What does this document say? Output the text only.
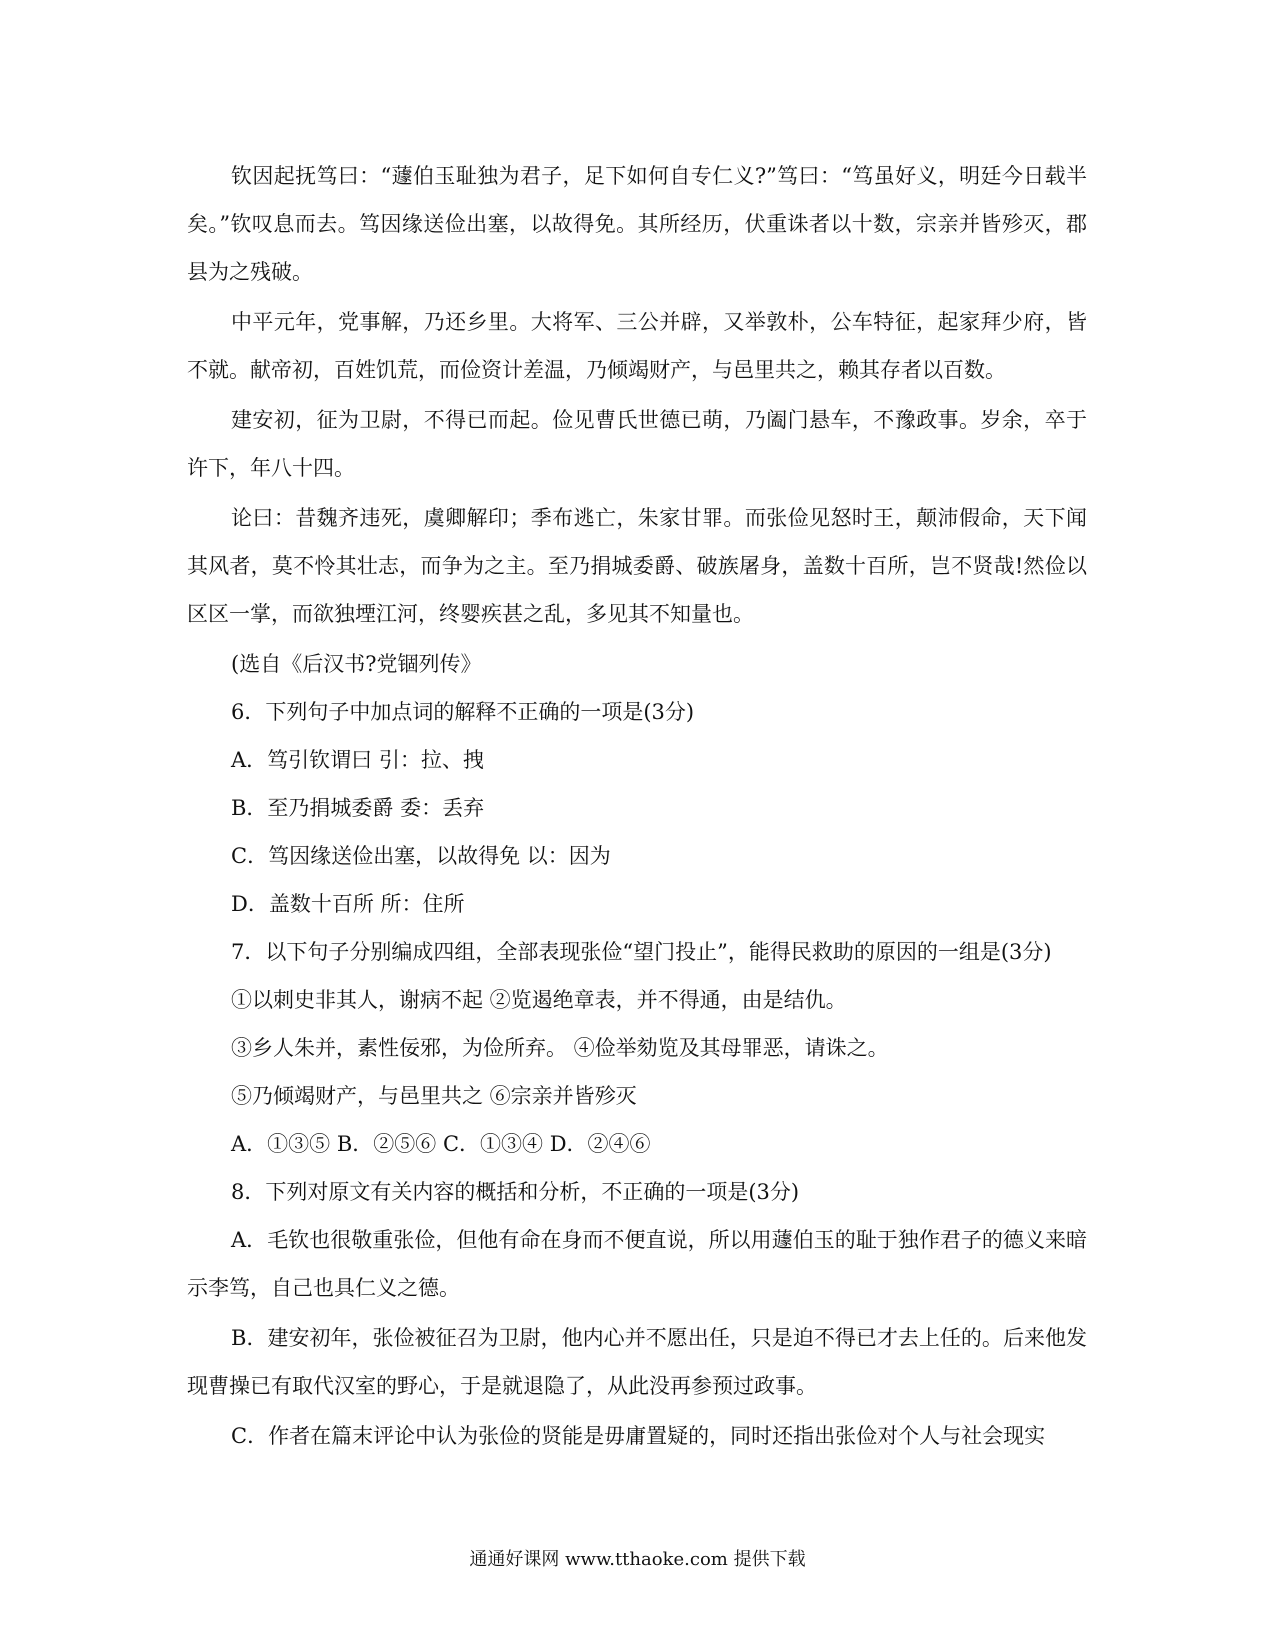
钦因起抚笃曰：“蘧伯玉耻独为君子，足下如何自专仁义?”笃曰：“笃虽好义，明廷今日载半矣。”钦叹息而去。笃因缘送俭出塞，以故得免。其所经历，伏重诛者以十数，宗亲并皆殄灭，郡县为之残破。

中平元年，党事解，乃还乡里。大将军、三公并辟，又举敦朴，公车特征，起家拜少府，皆不就。献帝初，百姓饥荒，而俭资计差温，乃倾竭财产，与邑里共之，赖其存者以百数。

建安初，征为卫尉，不得已而起。俭见曹氏世德已萌，乃阖门悬车，不豫政事。岁余，卒于许下，年八十四。

论曰：昔魏齐违死，虞卿解印；季布逃亡，朱家甘罪。而张俭见怒时王，颠沛假命，天下闻其风者，莫不怜其壮志，而争为之主。至乃捐城委爵、破族屠身，盖数十百所，岂不贤哉!然俭以区区一掌，而欲独堙江河，终婴疾甚之乱，多见其不知量也。

(选自《后汉书?党锢列传》

6．下列句子中加点词的解释不正确的一项是(3分)

A．笃引钦谓曰 引：拉、拽

B．至乃捐城委爵 委：丢弃

C．笃因缘送俭出塞，以故得免 以：因为

D．盖数十百所 所：住所

7．以下句子分别编成四组，全部表现张俭“望门投止”，能得民救助的原因的一组是(3分)

①以刺史非其人，谢病不起 ②览遏绝章表，并不得通，由是结仇。

③乡人朱并，素性佞邪，为俭所弃。 ④俭举劾览及其母罪恶，请诛之。

⑤乃倾竭财产，与邑里共之 ⑥宗亲并皆殄灭

A．①③⑤ B．②⑤⑥ C．①③④ D．②④⑥

8．下列对原文有关内容的概括和分析，不正确的一项是(3分)

A．毛钦也很敬重张俭，但他有命在身而不便直说，所以用蘧伯玉的耻于独作君子的德义来暗示李笃，自己也具仁义之德。

B．建安初年，张俭被征召为卫尉，他内心并不愿出任，只是迫不得已才去上任的。后来他发 现曹操已有取代汉室的野心，于是就退隐了，从此没再参预过政事。

C．作者在篇末评论中认为张俭的贤能是毋庸置疑的，同时还指出张俭对个人与社会现实

通通好课网 www.tthaoke.com 提供下载
